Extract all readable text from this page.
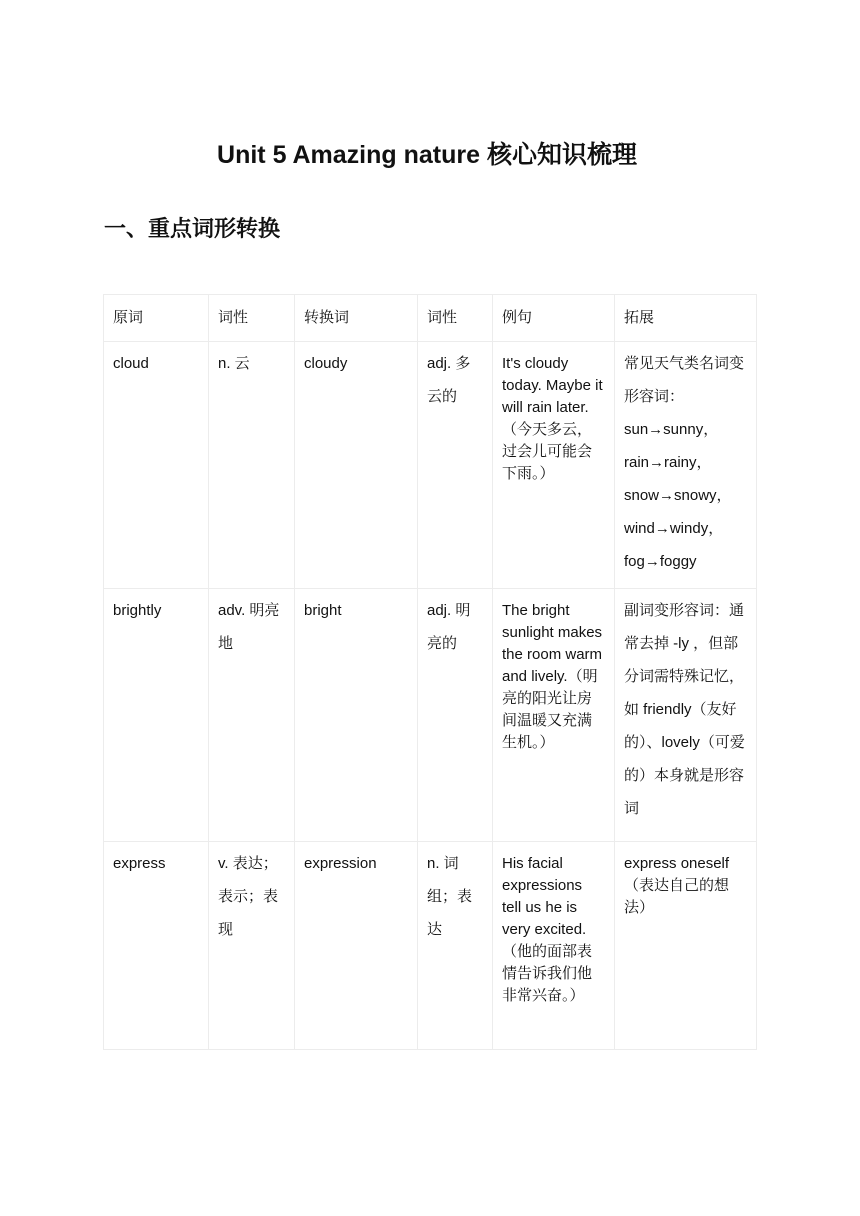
Unit 5 Amazing nature 核心知识梳理
一、重点词形转换
原词	词性	转换词	词性	例句	拓展
cloud	n. 云	cloudy	adj. 多云的	It's cloudy today. Maybe it will rain later.（今天多云，过会儿可能会下雨。）	常见天气类名词变形容词：sun→sunny，rain→rainy，snow→snowy，wind→windy，fog→foggy

brightly	adv. 明亮地	bright	adj. 明亮的	The bright sunlight makes the room warm and lively.（明亮的阳光让房间温暖又充满生机。）	副词变形容词：通常去掉 -ly ，但部分词需特殊记忆，如 friendly（友好的）、lovely（可爱的）本身就是形容词

express	v. 表达；表示；表现	expression	n. 词组；表达	His facial expressions tell us he is very excited.（他的面部表情告诉我们他非常兴奋。）	express oneself（表达自己的想法）
